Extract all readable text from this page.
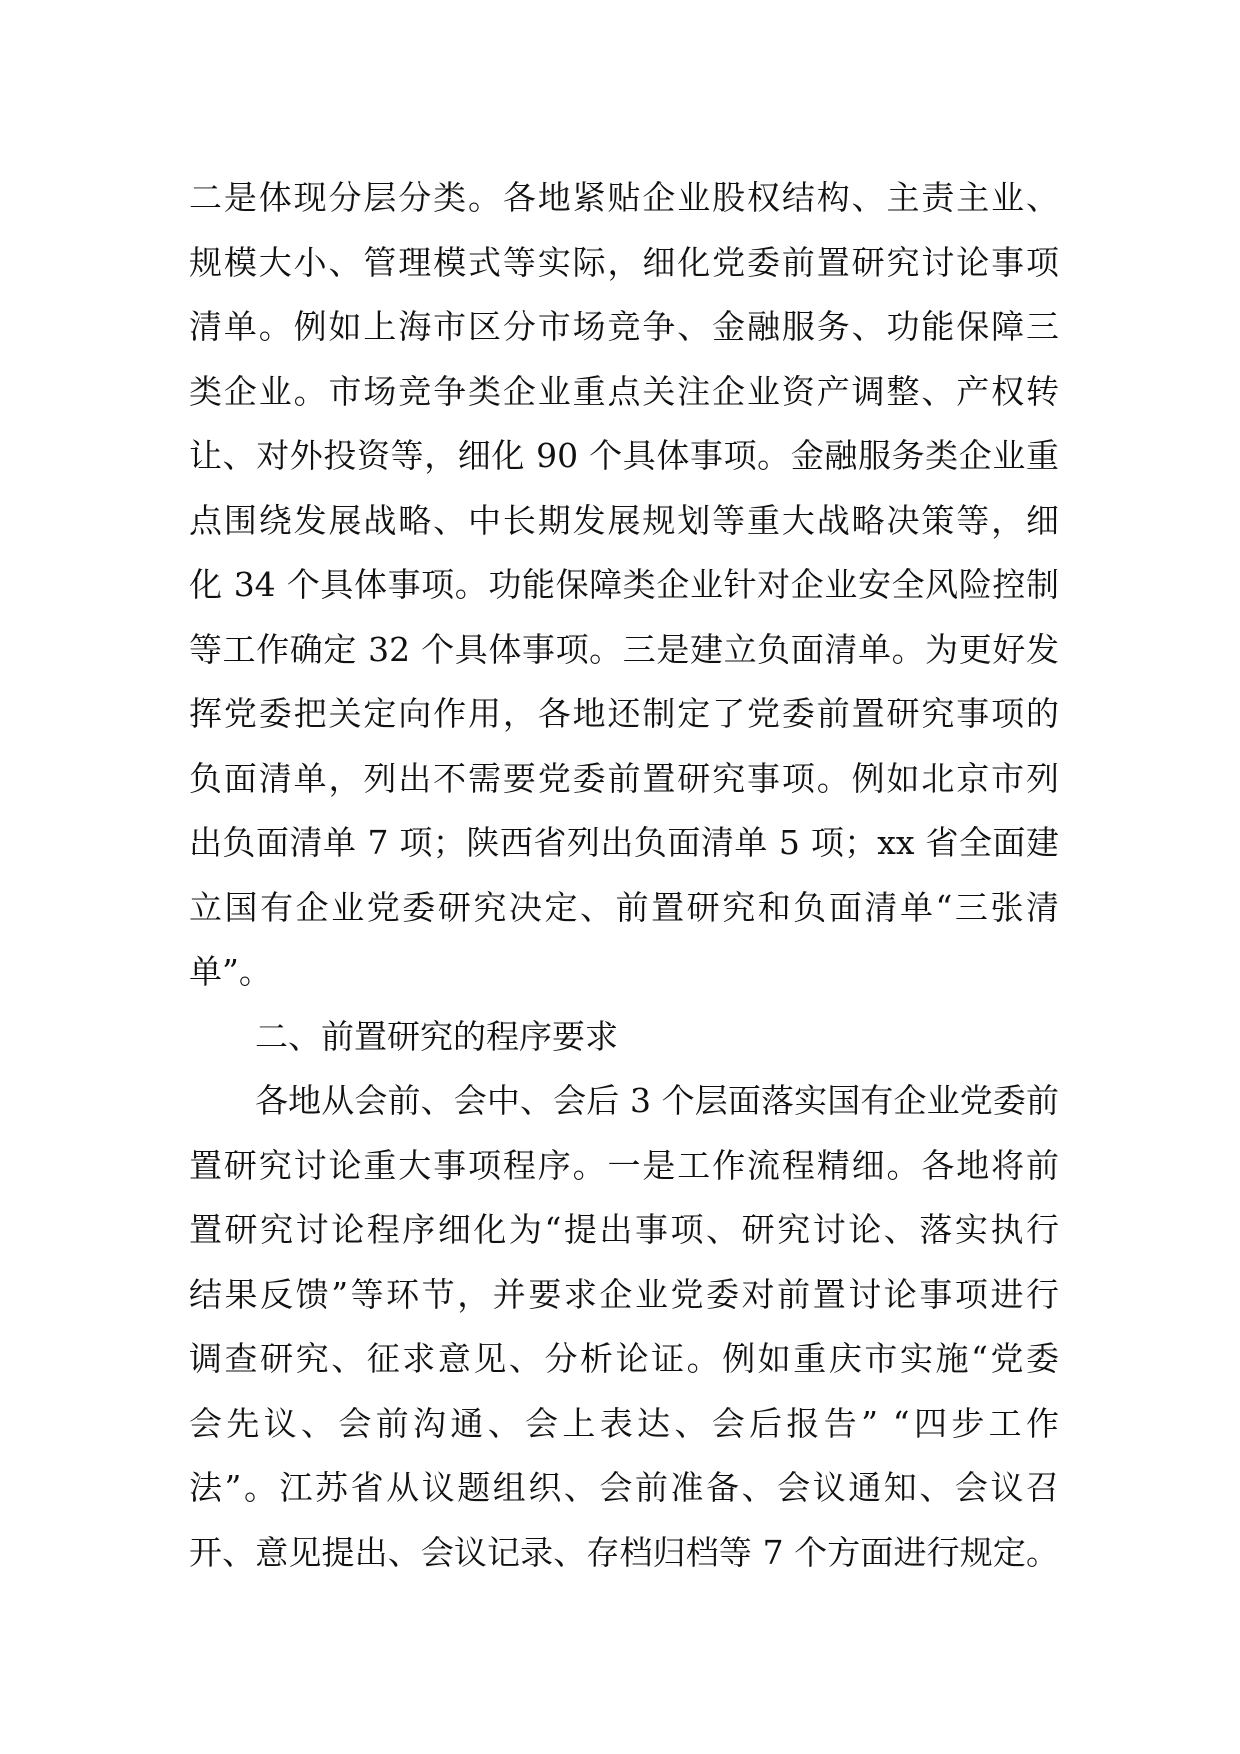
二是体现分层分类。各地紧贴企业股权结构、主责主业、
规模大小、管理模式等实际，细化党委前置研究讨论事项
清单。例如上海市区分市场竞争、金融服务、功能保障三
类企业。市场竞争类企业重点关注企业资产调整、产权转
让、对外投资等，细化 90 个具体事项。金融服务类企业重
点围绕发展战略、中长期发展规划等重大战略决策等，细
化 34 个具体事项。功能保障类企业针对企业安全风险控制
等工作确定 32 个具体事项。三是建立负面清单。为更好发
挥党委把关定向作用，各地还制定了党委前置研究事项的
负面清单，列出不需要党委前置研究事项。例如北京市列
出负面清单 7 项；陕西省列出负面清单 5 项；xx 省全面建
立国有企业党委研究决定、前置研究和负面清单“三张清
单”。
二、前置研究的程序要求
各地从会前、会中、会后 3 个层面落实国有企业党委前
置研究讨论重大事项程序。一是工作流程精细。各地将前
置研究讨论程序细化为“提出事项、研究讨论、落实执行
结果反馈”等环节，并要求企业党委对前置讨论事项进行
调查研究、征求意见、分析论证。例如重庆市实施“党委
会先议、会前沟通、会上表达、会后报告” “四步工作
法”。江苏省从议题组织、会前准备、会议通知、会议召
开、意见提出、会议记录、存档归档等 7 个方面进行规定。
